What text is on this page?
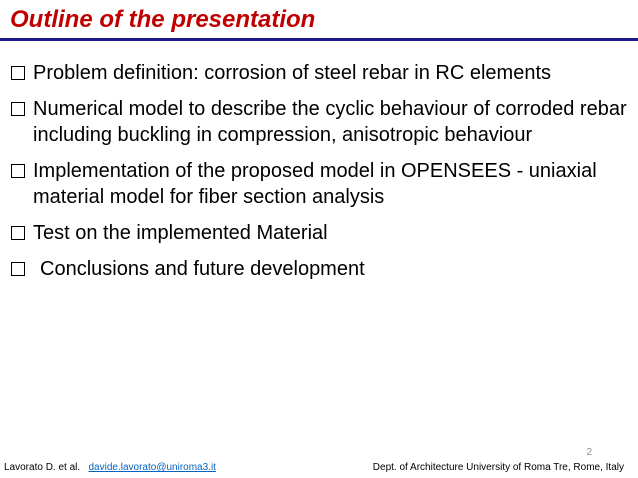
Outline of the presentation
Problem definition: corrosion of steel rebar in RC elements
Numerical model to describe the cyclic behaviour of corroded rebar including buckling in compression, anisotropic behaviour
Implementation of the proposed model in OPENSEES - uniaxial material model for fiber section analysis
Test on the implemented Material
Conclusions and future development
2
Lavorato D. et al. davide.lavorato@uniroma3.it	Dept. of Architecture University of Roma Tre, Rome, Italy
